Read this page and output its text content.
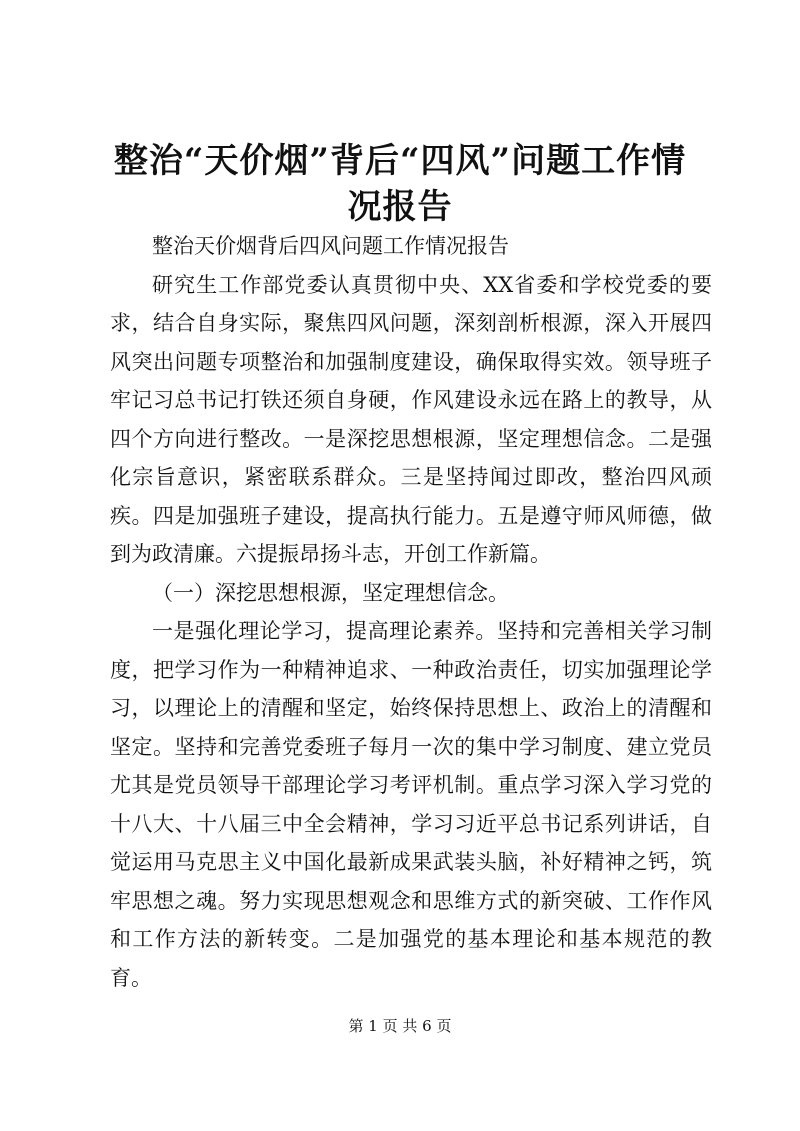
整治“天价烟”背后“四风”问题工作情况报告

整治天价烟背后四风问题工作情况报告

研究生工作部党委认真贯彻中央、XX省委和学校党委的要求，结合自身实际，聚焦四风问题，深刻剖析根源，深入开展四风突出问题专项整治和加强制度建设，确保取得实效。领导班子牢记习总书记打铁还须自身硬，作风建设永远在路上的教导，从四个方向进行整改。一是深挖思想根源，坚定理想信念。二是强化宗旨意识，紧密联系群众。三是坚持闻过即改，整治四风顽疾。四是加强班子建设，提高执行能力。五是遵守师风师德，做到为政清廉。六提振昂扬斗志，开创工作新篇。

（一）深挖思想根源，坚定理想信念。

一是强化理论学习，提高理论素养。坚持和完善相关学习制度，把学习作为一种精神追求、一种政治责任，切实加强理论学习，以理论上的清醒和坚定，始终保持思想上、政治上的清醒和坚定。坚持和完善党委班子每月一次的集中学习制度、建立党员尤其是党员领导干部理论学习考评机制。重点学习深入学习党的十八大、十八届三中全会精神，学习习近平总书记系列讲话，自觉运用马克思主义中国化最新成果武装头脑，补好精神之钙，筑牢思想之魂。努力实现思想观念和思维方式的新突破、工作作风和工作方法的新转变。二是加强党的基本理论和基本规范的教育。

第 1 页 共 6 页
